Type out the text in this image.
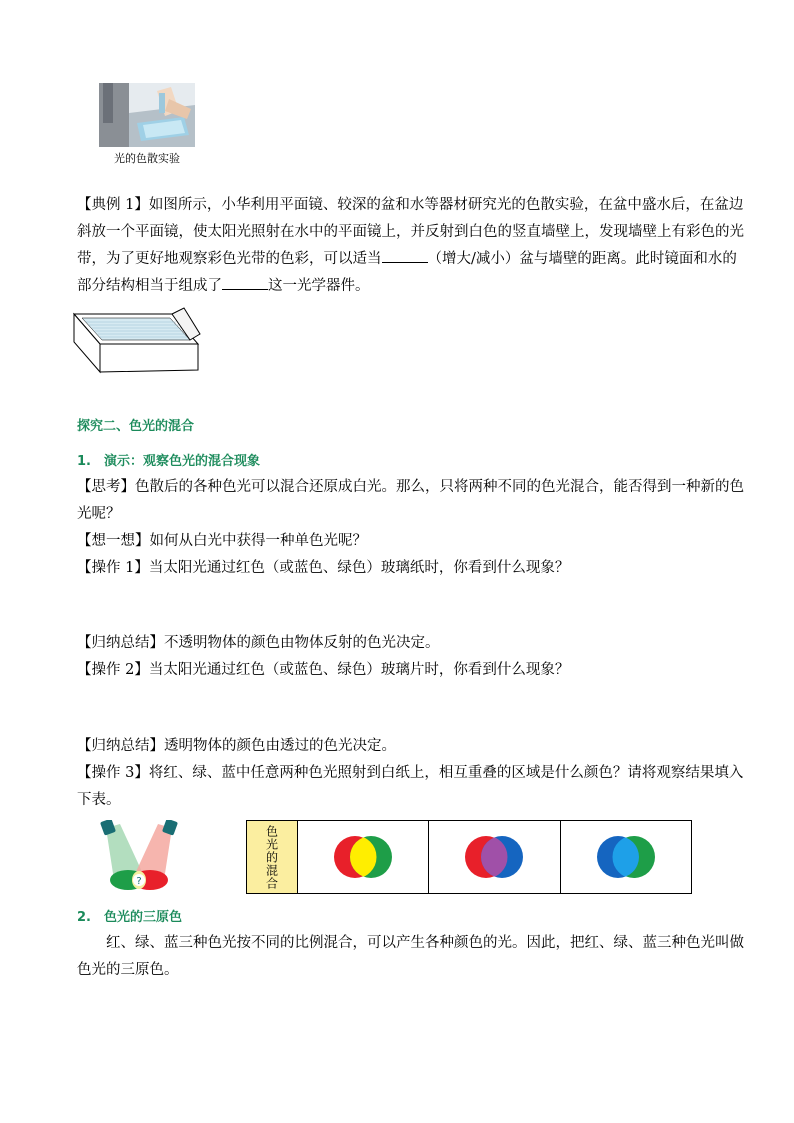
光的色散实验
【典例 1】如图所示，小华利用平面镜、较深的盆和水等器材研究光的色散实验，在盆中盛水后，在盆边
斜放一个平面镜，使太阳光照射在水中的平面镜上，并反射到白色的竖直墙壁上，发现墙壁上有彩色的光
带，为了更好地观察彩色光带的色彩，可以适当	（增大/减小）盆与墙壁的距离。此时镜面和水的
部分结构相当于组成了	这一光学器件。
探究二、色光的混合
1.　演示：观察色光的混合现象
【思考】色散后的各种色光可以混合还原成白光。那么，只将两种不同的色光混合，能否得到一种新的色
光呢？
【想一想】如何从白光中获得一种单色光呢？
【操作 1】当太阳光通过红色（或蓝色、绿色）玻璃纸时，你看到什么现象？
【归纳总结】不透明物体的颜色由物体反射的色光决定。
【操作 2】当太阳光通过红色（或蓝色、绿色）玻璃片时，你看到什么现象？
【归纳总结】透明物体的颜色由透过的色光决定。
【操作 3】将红、绿、蓝中任意两种色光照射到白纸上，相互重叠的区域是什么颜色？请将观察结果填入
下表。
?	色光的混合
2.　色光的三原色
　　红、绿、蓝三种色光按不同的比例混合，可以产生各种颜色的光。因此，把红、绿、蓝三种色光叫做
色光的三原色。
